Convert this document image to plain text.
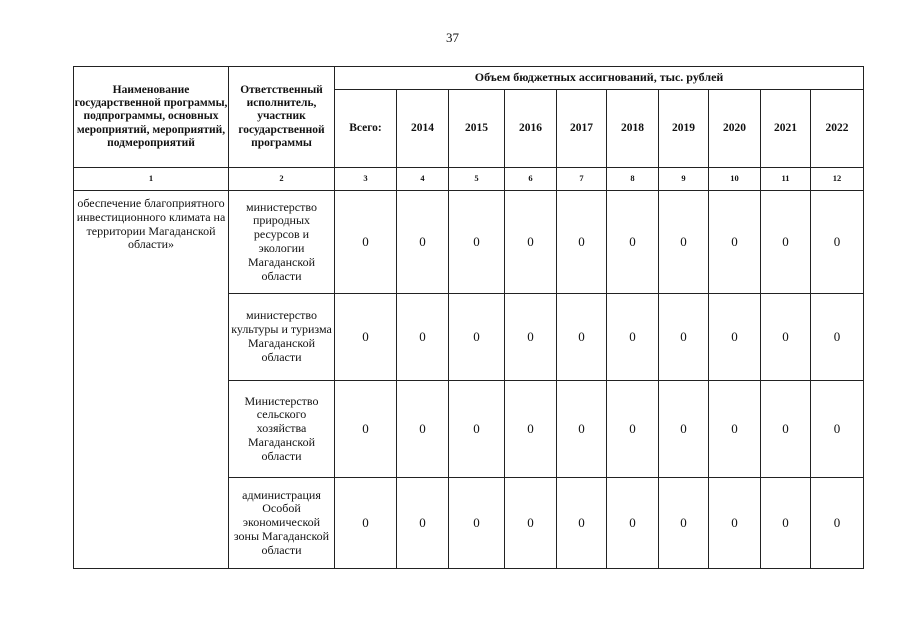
37
Наименование государственной программы, подпрограммы, основных мероприятий, мероприятий, подмероприятий	Ответственный исполнитель, участник государственной программы	Объем бюджетных ассигнований, тыс. рублей									
		Всего:	2014	2015	2016	2017	2018	2019	2020	2021	2022
1	2	3	4	5	6	7	8	9	10	11	12
обеспечение благоприятного инвестиционного климата на территории Магаданской области»	министерство природных ресурсов и экологии Магаданской области	0	0	0	0	0	0	0	0	0	0
	министерство культуры и туризма Магаданской области	0	0	0	0	0	0	0	0	0	0
	Министерство сельского хозяйства Магаданской области	0	0	0	0	0	0	0	0	0	0
	администрация Особой экономической зоны Магаданской области	0	0	0	0	0	0	0	0	0	0
